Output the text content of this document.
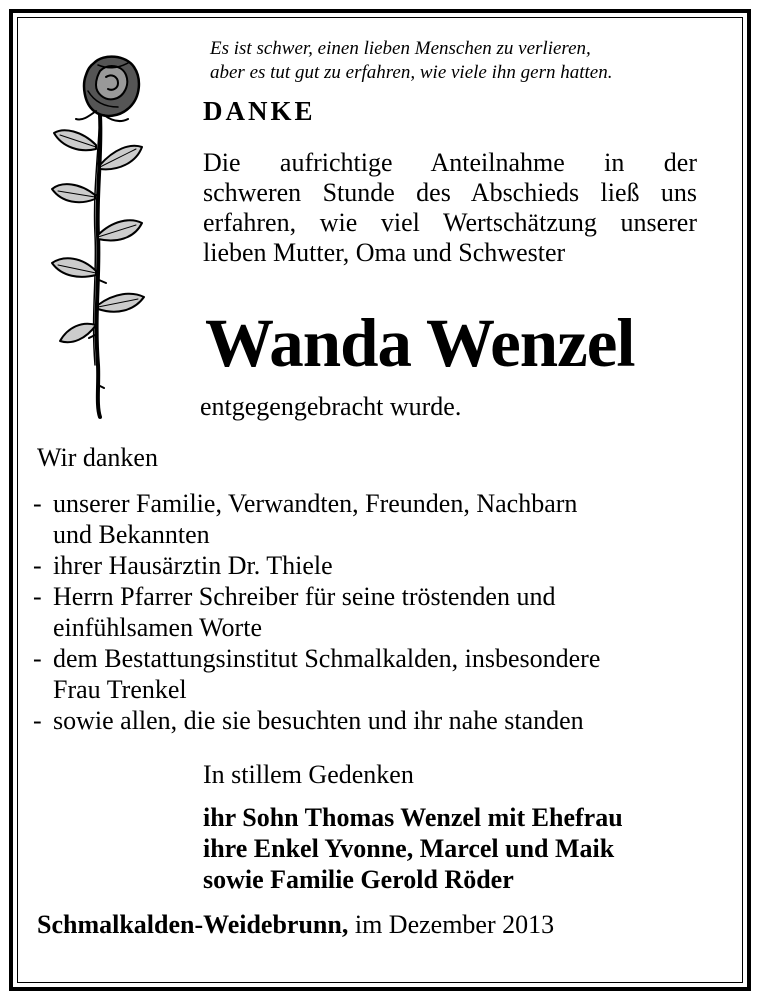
Es ist schwer, einen lieben Menschen zu verlieren,
aber es tut gut zu erfahren, wie viele ihn gern hatten.
DANKE
Die aufrichtige Anteilnahme in der
schweren Stunde des Abschieds ließ uns
erfahren, wie viel Wertschätzung unserer
lieben Mutter, Oma und Schwester
Wanda Wenzel
entgegengebracht wurde.
Wir danken
- unserer Familie, Verwandten, Freunden, Nachbarn
und Bekannten
- ihrer Hausärztin Dr. Thiele
- Herrn Pfarrer Schreiber für seine tröstenden und
einfühlsamen Worte
- dem Bestattungsinstitut Schmalkalden, insbesondere
Frau Trenkel
- sowie allen, die sie besuchten und ihr nahe standen
In stillem Gedenken
ihr Sohn Thomas Wenzel mit Ehefrau
ihre Enkel Yvonne, Marcel und Maik
sowie Familie Gerold Röder
Schmalkalden-Weidebrunn, im Dezember 2013
